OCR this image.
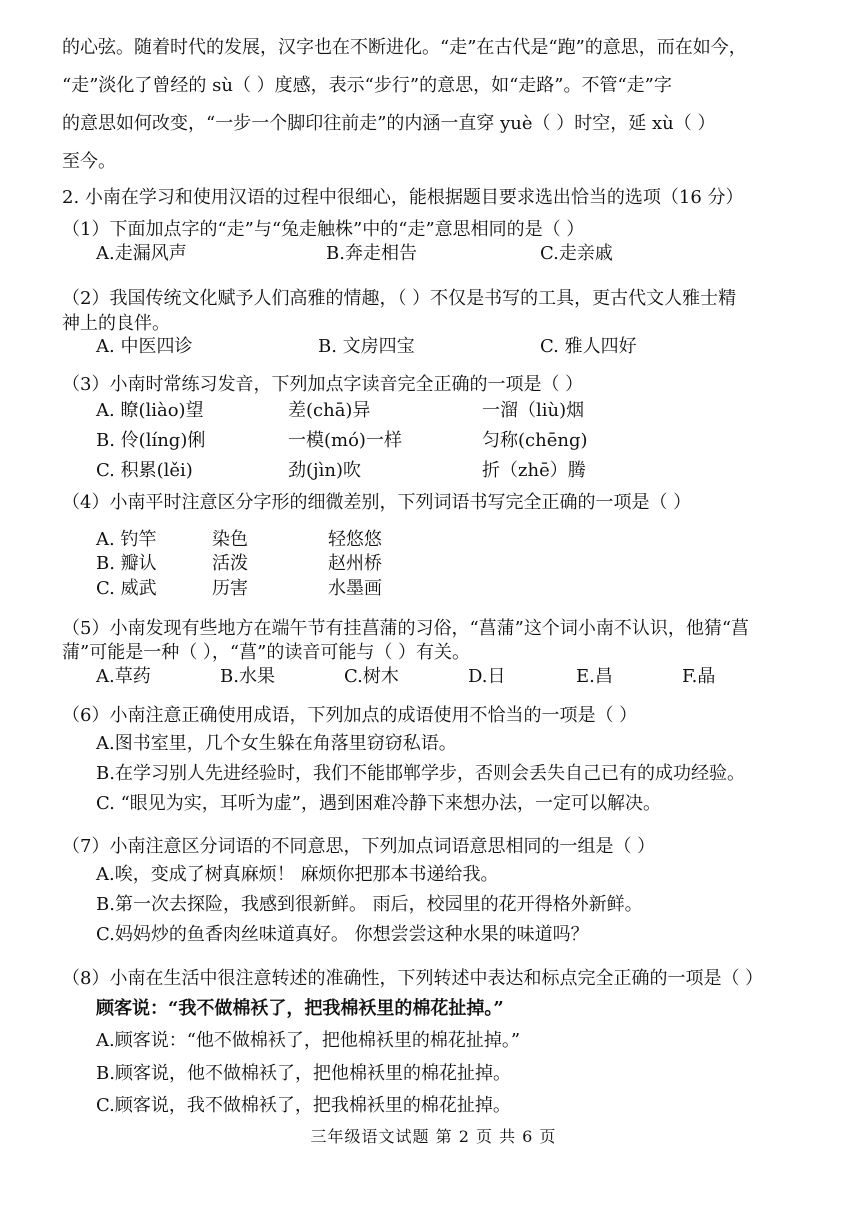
的心弦。随着时代的发展，汉字也在不断进化。“走”在古代是“跑”的意思，而在如今，
“走”淡化了曾经的 sù（ ）度感，表示“步行”的意思，如“走路”。不管“走”字
的意思如何改变，“一步一个脚印往前走”的内涵一直穿 yuè（ ）时空，延 xù（ ）
至今。
2. 小南在学习和使用汉语的过程中很细心，能根据题目要求选出恰当的选项（16 分）
（1）下面加点字的“走”与“兔走触株”中的“走”意思相同的是（ ）
A.走漏风声	B.奔走相告	C.走亲戚
（2）我国传统文化赋予人们高雅的情趣，（ ）不仅是书写的工具，更古代文人雅士精
神上的良伴。
A. 中医四诊	B. 文房四宝	C. 雅人四好
（3）小南时常练习发音，下列加点字读音完全正确的一项是（ ）
A. 瞭(liào)望	差(chā)异	一溜（liù)烟
B. 伶(líng)俐	一模(mó)一样	匀称(chēng)
C. 积累(lěi)	劲(jìn)吹	折（zhē）腾
（4）小南平时注意区分字形的细微差别，下列词语书写完全正确的一项是（ ）
A. 钓竿	染色	轻悠悠
B. 瓣认	活泼	赵州桥
C. 威武	历害	水墨画
（5）小南发现有些地方在端午节有挂菖蒲的习俗，“菖蒲”这个词小南不认识，他猜“菖
蒲”可能是一种（ ），“菖”的读音可能与（ ）有关。
A.草药	B.水果	C.树木	D.日	E.昌	F.晶
（6）小南注意正确使用成语，下列加点的成语使用不恰当的一项是（ ）
A.图书室里，几个女生躲在角落里窃窃私语。
B.在学习别人先进经验时，我们不能邯郸学步，否则会丢失自己已有的成功经验。
C. “眼见为实，耳听为虚”，遇到困难冷静下来想办法，一定可以解决。
（7）小南注意区分词语的不同意思，下列加点词语意思相同的一组是（ ）
A.唉，变成了树真麻烦！ 麻烦你把那本书递给我。
B.第一次去探险，我感到很新鲜。 雨后，校园里的花开得格外新鲜。
C.妈妈炒的鱼香肉丝味道真好。 你想尝尝这种水果的味道吗？
（8）小南在生活中很注意转述的准确性，下列转述中表达和标点完全正确的一项是（ ）
顾客说：“我不做棉袄了，把我棉袄里的棉花扯掉。”
A.顾客说：“他不做棉袄了，把他棉袄里的棉花扯掉。”
B.顾客说，他不做棉袄了，把他棉袄里的棉花扯掉。
C.顾客说，我不做棉袄了，把我棉袄里的棉花扯掉。
三年级语文试题 第 2 页 共 6 页
